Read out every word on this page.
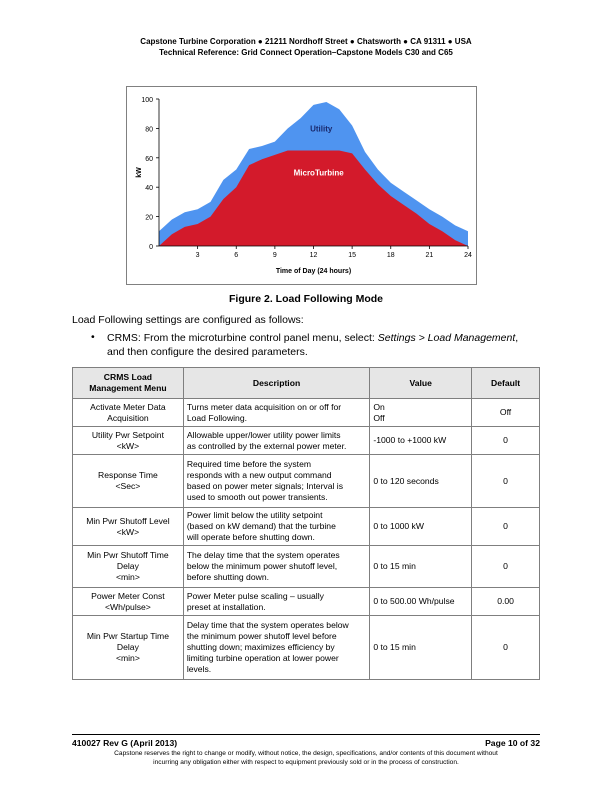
Capstone Turbine Corporation ● 21211 Nordhoff Street ● Chatsworth ● CA 91311 ● USA
Technical Reference: Grid Connect Operation–Capstone Models C30 and C65
0
20
40
60
80
100
3	6	9	12	15	18	21	24
Time of Day (24 hours)
kW
Utility
MicroTurbine
Figure 2. Load Following Mode
Load Following settings are configured as follows:
• CRMS: From the microturbine control panel menu, select: Settings > Load Management,
and then configure the desired parameters.
CRMS Load
Management Menu	Description	Value	Default
Activate Meter Data
Acquisition	Turns meter data acquisition on or off for
Load Following.	On
Off	Off
Utility Pwr Setpoint
<kW>	Allowable upper/lower utility power limits
as controlled by the external power meter.	-1000 to +1000 kW	0
Response Time
<Sec>	Required time before the system
responds with a new output command
based on power meter signals; Interval is
used to smooth out power transients.	0 to 120 seconds	0
Min Pwr Shutoff Level
<kW>	Power limit below the utility setpoint
(based on kW demand) that the turbine
will operate before shutting down.	0 to 1000 kW	0
Min Pwr Shutoff Time
Delay
<min>	The delay time that the system operates
below the minimum power shutoff level,
before shutting down.	0 to 15 min	0
Power Meter Const
<Wh/pulse>	Power Meter pulse scaling – usually
preset at installation.	0 to 500.00 Wh/pulse	0.00
Min Pwr Startup Time
Delay
<min>	Delay time that the system operates below
the minimum power shutoff level before
shutting down; maximizes efficiency by
limiting turbine operation at lower power
levels.	0 to 15 min	0
410027 Rev G (April 2013)	Page 10 of 32
Capstone reserves the right to change or modify, without notice, the design, specifications, and/or contents of this document without
incurring any obligation either with respect to equipment previously sold or in the process of construction.
